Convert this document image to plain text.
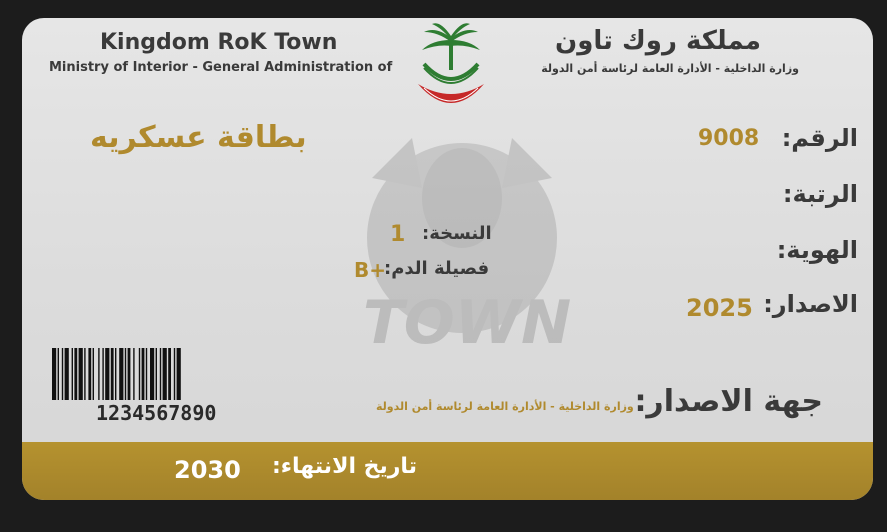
TOWN
Kingdom RoK Town
Ministry of Interior - General Administration of
مملكة روك تاون
وزارة الداخلية - الأدارة العامة لرئاسة أمن الدولة
بطاقة عسكريه	الرقم:
9008
الرتبة:
الهوية:
الاصدار:
2025
النسخة:
1
فصيلة الدم:
B+
1234567890	جهة الاصدار:
وزارة الداخلية - الأدارة العامة لرئاسة أمن الدولة
تاريخ الانتهاء:
2030
